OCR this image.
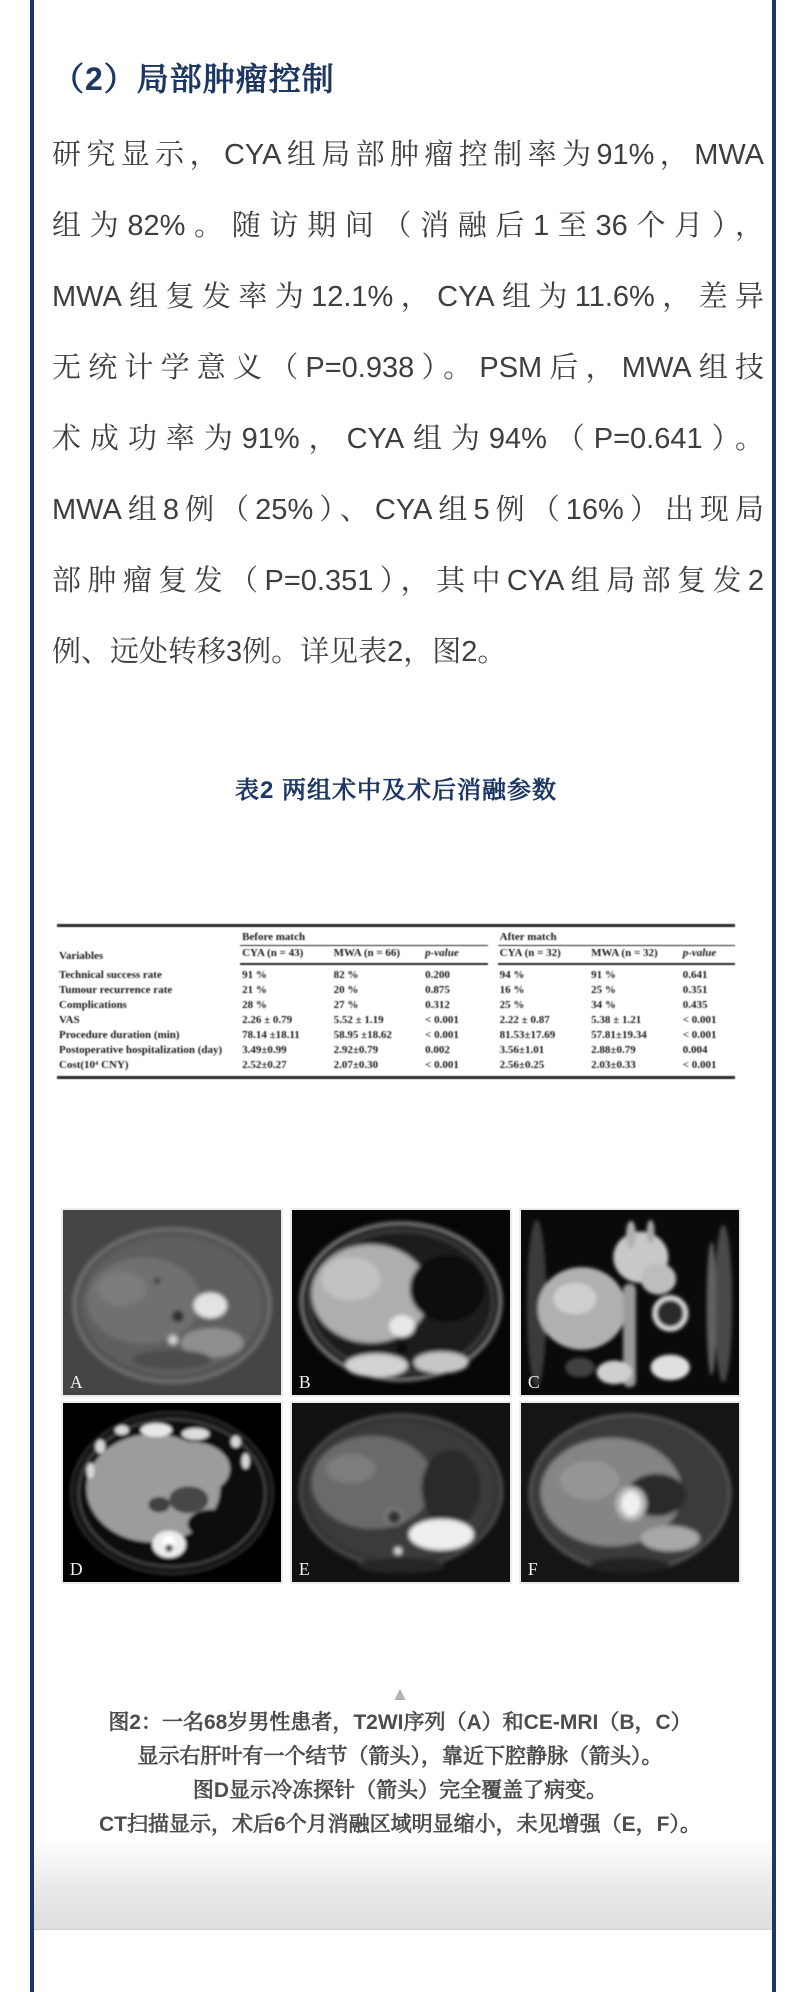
（2）局部肿瘤控制
研究显示，CYA组局部肿瘤控制率为91%，MWA
组为82%。随访期间（消融后1至36个月），
MWA组复发率为12.1%，CYA组为11.6%，差异
无统计学意义（P=0.938）。PSM后，MWA组技
术成功率为91%，CYA组为94%（P=0.641）。
MWA组8例（25%）、CYA组5例（16%）出现局
部肿瘤复发（P=0.351），其中CYA组局部复发2
例、远处转移3例。详见表2，图2。
表2 两组术中及术后消融参数
Variables	Before match				After match		
	CYA (n = 43)	MWA (n = 66)	p-value		CYA (n = 32)	MWA (n = 32)	p-value
Technical success rate	91 %	82 %	0.200		94 %	91 %	0.641
Tumour recurrence rate	21 %	20 %	0.875		16 %	25 %	0.351
Complications	28 %	27 %	0.312		25 %	34 %	0.435
VAS	2.26 ± 0.79	5.52 ± 1.19	< 0.001		2.22 ± 0.87	5.38 ± 1.21	< 0.001
Procedure duration (min)	78.14 ±18.11	58.95 ±18.62	< 0.001		81.53±17.69	57.81±19.34	< 0.001
Postoperative hospitalization (day)	3.49±0.99	2.92±0.79	0.002		3.56±1.01	2.88±0.79	0.004
Cost(10⁴ CNY)	2.52±0.27	2.07±0.30	< 0.001		2.56±0.25	2.03±0.33	< 0.001
A	B	C
D	E	F
▲
图2：一名68岁男性患者，T2WI序列（A）和CE-MRI（B，C）
显示右肝叶有一个结节（箭头），靠近下腔静脉（箭头）。
图D显示冷冻探针（箭头）完全覆盖了病变。
CT扫描显示，术后6个月消融区域明显缩小，未见增强（E，F）。
